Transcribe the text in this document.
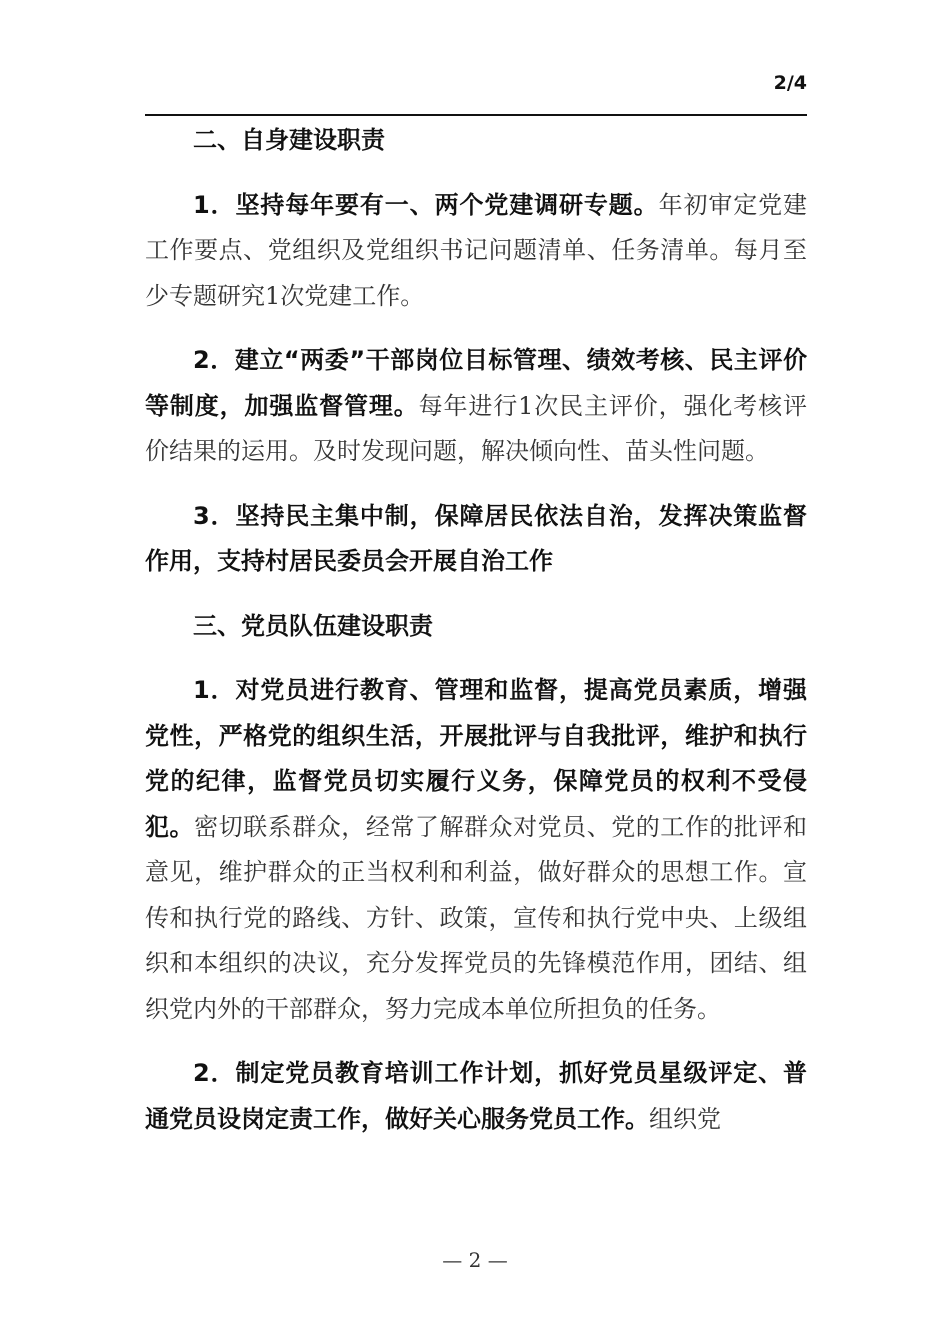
2/4

二、自身建设职责

1．坚持每年要有一、两个党建调研专题。年初审定党建工作要点、党组织及党组织书记问题清单、任务清单。每月至少专题研究1次党建工作。

2．建立“两委”干部岗位目标管理、绩效考核、民主评价等制度，加强监督管理。每年进行1次民主评价，强化考核评价结果的运用。及时发现问题，解决倾向性、苗头性问题。

3．坚持民主集中制，保障居民依法自治，发挥决策监督作用，支持村居民委员会开展自治工作

三、党员队伍建设职责

1．对党员进行教育、管理和监督，提高党员素质，增强党性，严格党的组织生活，开展批评与自我批评，维护和执行党的纪律，监督党员切实履行义务，保障党员的权利不受侵犯。密切联系群众，经常了解群众对党员、党的工作的批评和意见，维护群众的正当权利和利益，做好群众的思想工作。宣传和执行党的路线、方针、政策，宣传和执行党中央、上级组织和本组织的决议，充分发挥党员的先锋模范作用，团结、组织党内外的干部群众，努力完成本单位所担负的任务。

2．制定党员教育培训工作计划，抓好党员星级评定、普通党员设岗定责工作，做好关心服务党员工作。组织党

— 2 —
